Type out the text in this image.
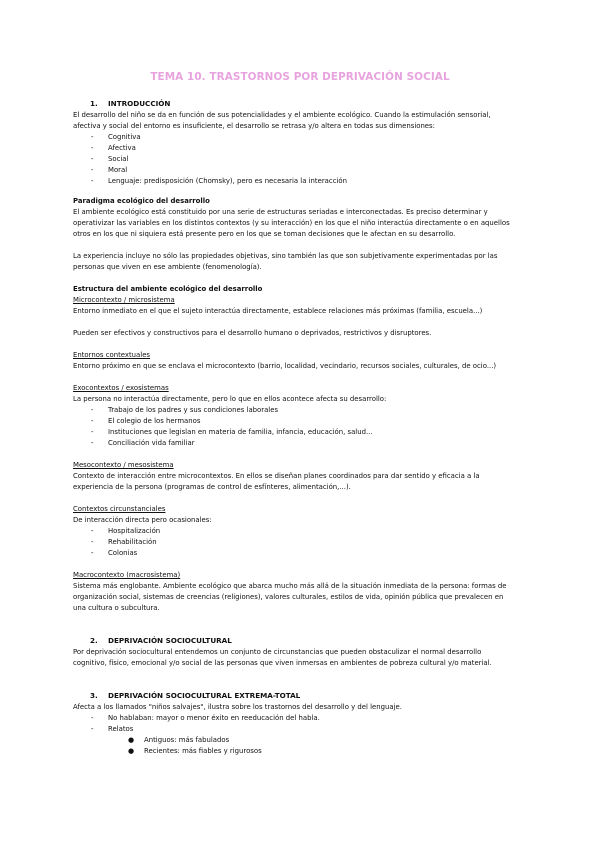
TEMA 10. TRASTORNOS POR DEPRIVACIÓN SOCIAL
1. INTRODUCCIÓN
El desarrollo del niño se da en función de sus potencialidades y el ambiente ecológico. Cuando la estimulación sensorial,
afectiva y social del entorno es insuficiente, el desarrollo se retrasa y/o altera en todas sus dimensiones:
- Cognitiva
- Afectiva
- Social
- Moral
- Lenguaje: predisposición (Chomsky), pero es necesaria la interacción
Paradigma ecológico del desarrollo
El ambiente ecológico está constituido por una serie de estructuras seriadas e interconectadas. Es preciso determinar y
operativizar las variables en los distintos contextos (y su interacción) en los que el niño interactúa directamente o en aquellos
otros en los que ni siquiera está presente pero en los que se toman decisiones que le afectan en su desarrollo.
La experiencia incluye no sólo las propiedades objetivas, sino también las que son subjetivamente experimentadas por las
personas que viven en ese ambiente (fenomenología).
Estructura del ambiente ecológico del desarrollo
Microcontexto / microsistema
Entorno inmediato en el que el sujeto interactúa directamente, establece relaciones más próximas (familia, escuela...)
Pueden ser efectivos y constructivos para el desarrollo humano o deprivados, restrictivos y disruptores.
Entornos contextuales
Entorno próximo en que se enclava el microcontexto (barrio, localidad, vecindario, recursos sociales, culturales, de ocio...)
Exocontextos / exosistemas
La persona no interactúa directamente, pero lo que en ellos acontece afecta su desarrollo:
- Trabajo de los padres y sus condiciones laborales
- El colegio de los hermanos
- Instituciones que legislan en materia de familia, infancia, educación, salud...
- Conciliación vida familiar
Mesocontexto / mesosistema
Contexto de interacción entre microcontextos. En ellos se diseñan planes coordinados para dar sentido y eficacia a la
experiencia de la persona (programas de control de esfínteres, alimentación,...).
Contextos circunstanciales
De interacción directa pero ocasionales:
- Hospitalización
- Rehabilitación
- Colonias
Macrocontexto (macrosistema)
Sistema más englobante. Ambiente ecológico que abarca mucho más allá de la situación inmediata de la persona: formas de
organización social, sistemas de creencias (religiones), valores culturales, estilos de vida, opinión pública que prevalecen en
una cultura o subcultura.
2. DEPRIVACIÓN SOCIOCULTURAL
Por deprivación sociocultural entendemos un conjunto de circunstancias que pueden obstaculizar el normal desarrollo
cognitivo, físico, emocional y/o social de las personas que viven inmersas en ambientes de pobreza cultural y/o material.
3. DEPRIVACIÓN SOCIOCULTURAL EXTREMA-TOTAL
Afecta a los llamados "niños salvajes", ilustra sobre los trastornos del desarrollo y del lenguaje.
- No hablaban: mayor o menor éxito en reeducación del habla.
- Relatos
● Antiguos: más fabulados
● Recientes: más fiables y rigurosos
